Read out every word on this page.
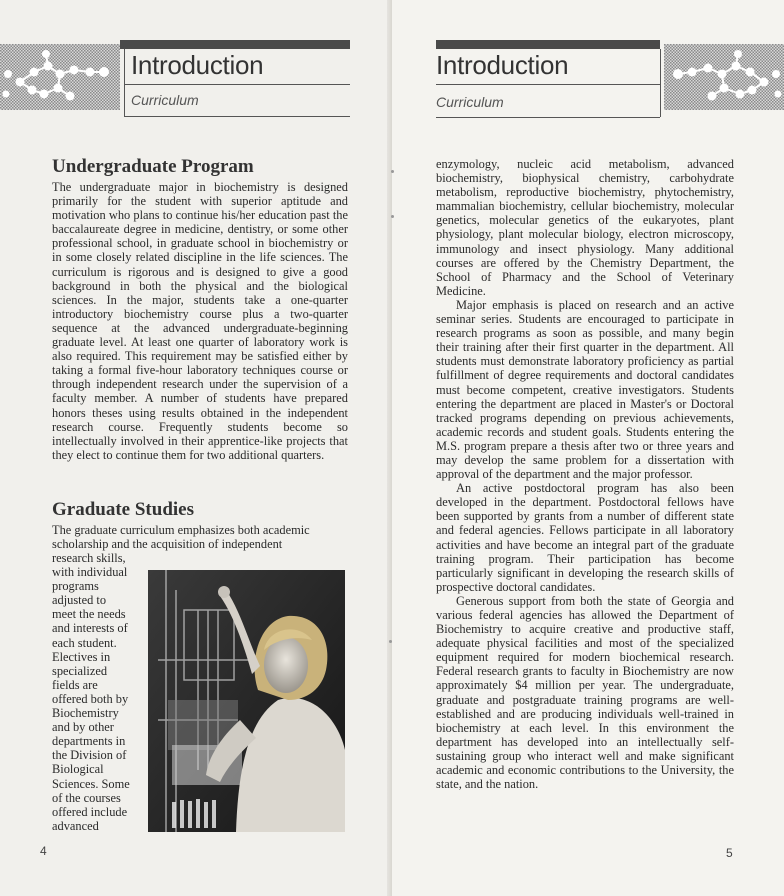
Introduction
Curriculum
Undergraduate Program

The undergraduate major in biochemistry is designed primarily for the student with superior aptitude and motivation who plans to continue his/her education past the baccalaureate degree in medicine, dentistry, or some other professional school, in graduate school in biochemistry or in some closely related discipline in the life sciences. The curriculum is rigorous and is designed to give a good background in both the physical and the biological sciences. In the major, students take a one-quarter introductory biochemistry course plus a two-quarter sequence at the advanced undergraduate-beginning graduate level. At least one quarter of laboratory work is also required. This requirement may be satisfied either by taking a formal five-hour laboratory techniques course or through independent research under the supervision of a faculty member. A number of students have prepared honors theses using results obtained in the independent research course. Frequently students become so intellectually involved in their apprentice-like projects that they elect to continue them for two additional quarters.

Graduate Studies

The graduate curriculum emphasizes both academic scholarship and the acquisition of independent

research skills,

with individual

programs

adjusted to

meet the needs

and interests of

each student.

Electives in

specialized

fields are

offered both by

Biochemistry

and by other

departments in

the Division of

Biological

Sciences. Some

of the courses

offered include

advanced

4
Introduction
Curriculum

enzymology, nucleic acid metabolism, advanced biochemistry, biophysical chemistry, carbohydrate metabolism, reproductive biochemistry, phytochemistry, mammalian biochemistry, cellular biochemistry, molecular genetics, molecular genetics of the eukaryotes, plant physiology, plant molecular biology, electron microscopy, immunology and insect physiology. Many additional courses are offered by the Chemistry Department, the School of Pharmacy and the School of Veterinary Medicine.

Major emphasis is placed on research and an active seminar series. Students are encouraged to participate in research programs as soon as possible, and many begin their training after their first quarter in the department. All students must demonstrate laboratory proficiency as partial fulfillment of degree requirements and doctoral candidates must become competent, creative investigators. Students entering the department are placed in Master's or Doctoral tracked programs depending on previous achievements, academic records and student goals. Students entering the M.S. program prepare a thesis after two or three years and may develop the same problem for a dissertation with approval of the department and the major professor.

An active postdoctoral program has also been developed in the department. Postdoctoral fellows have been supported by grants from a number of different state and federal agencies. Fellows participate in all laboratory activities and have become an integral part of the graduate training program. Their participation has become particularly significant in developing the research skills of prospective doctoral candidates.

Generous support from both the state of Georgia and various federal agencies has allowed the Department of Biochemistry to acquire creative and productive staff, adequate physical facilities and most of the specialized equipment required for modern biochemical research. Federal research grants to faculty in Biochemistry are now approximately $4 million per year. The undergraduate, graduate and postgraduate training programs are well-established and are producing individuals well-trained in biochemistry at each level. In this environment the department has developed into an intellectually self-sustaining group who interact well and make significant academic and economic contributions to the University, the state, and the nation.

5
